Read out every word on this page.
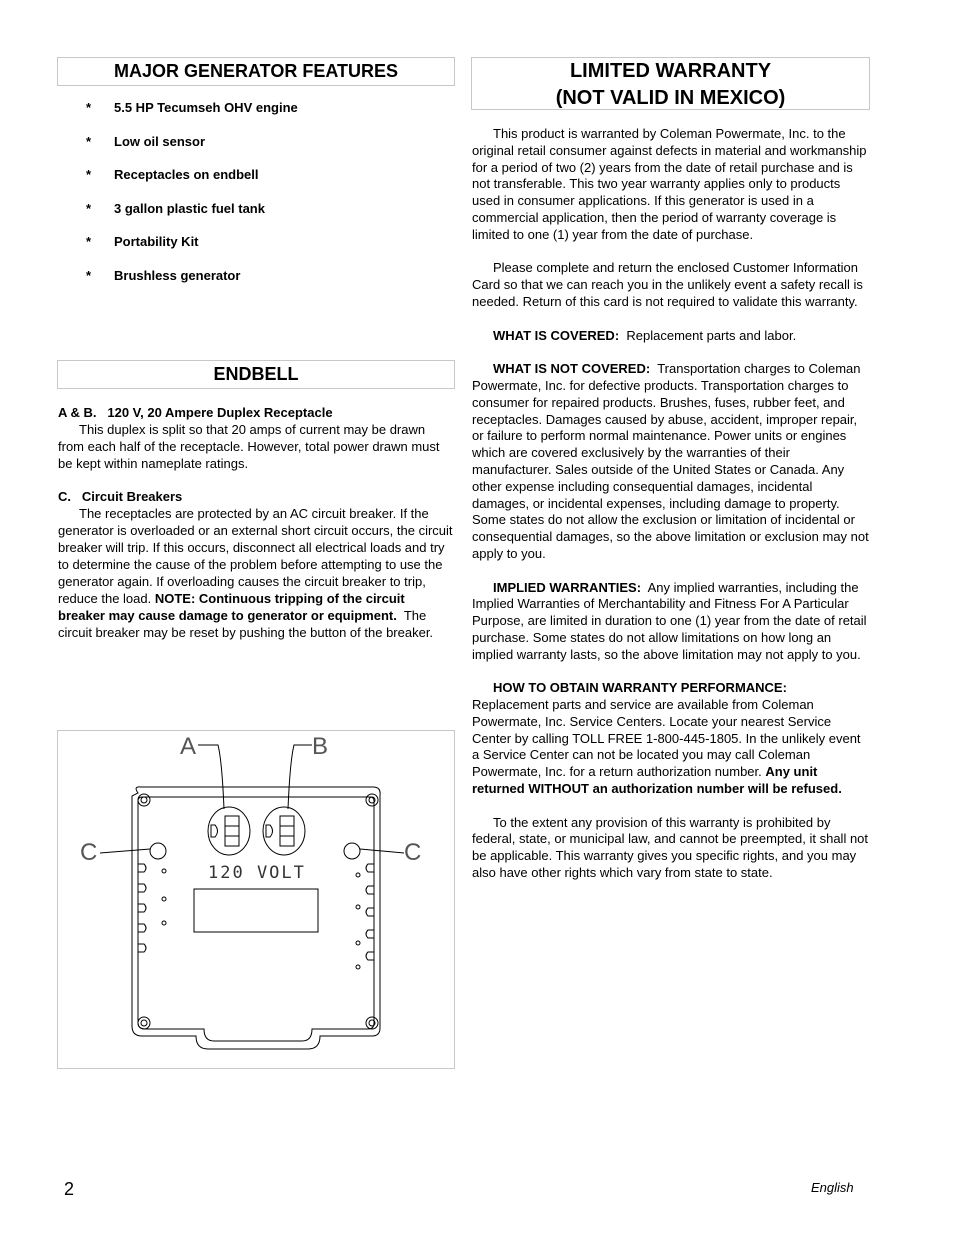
MAJOR GENERATOR FEATURES
* 5.5 HP Tecumseh OHV engine
* Low oil sensor
* Receptacles on endbell
* 3 gallon plastic fuel tank
* Portability Kit
* Brushless generator
ENDBELL

A & B.   120 V, 20 Ampere Duplex Receptacle

This duplex is split so that 20 amps of current may be drawn from each half of the receptacle. However, total power drawn must be kept within nameplate ratings.

C.   Circuit Breakers

The receptacles are protected by an AC circuit breaker. If the generator is overloaded or an external short circuit occurs, the circuit breaker will trip. If this occurs, disconnect all electrical loads and try to determine the cause of the problem before attempting to use the generator again. If overloading causes the circuit breaker to trip, reduce the load. NOTE: Continuous tripping of the circuit breaker may cause damage to generator or equipment. The circuit breaker may be reset by pushing the button of the breaker.

A	B
C	C
120 VOLT
LIMITED WARRANTY
(NOT VALID IN MEXICO)

This product is warranted by Coleman Powermate, Inc. to the original retail consumer against defects in material and workmanship for a period of two (2) years from the date of retail purchase and is not transferable. This two year warranty applies only to products used in consumer applications. If this generator is used in a commercial application, then the period of warranty coverage is limited to one (1) year from the date of purchase.

Please complete and return the enclosed Customer Information Card so that we can reach you in the unlikely event a safety recall is needed. Return of this card is not required to validate this warranty.

WHAT IS COVERED: Replacement parts and labor.

WHAT IS NOT COVERED: Transportation charges to Coleman Powermate, Inc. for defective products. Transportation charges to consumer for repaired products. Brushes, fuses, rubber feet, and receptacles. Damages caused by abuse, accident, improper repair, or failure to perform normal maintenance. Power units or engines which are covered exclusively by the warranties of their manufacturer. Sales outside of the United States or Canada. Any other expense including consequential damages, incidental damages, or incidental expenses, including damage to property. Some states do not allow the exclusion or limitation of incidental or consequential damages, so the above limitation or exclusion may not apply to you.

IMPLIED WARRANTIES: Any implied warranties, including the Implied Warranties of Merchantability and Fitness For A Particular Purpose, are limited in duration to one (1) year from the date of retail purchase. Some states do not allow limitations on how long an implied warranty lasts, so the above limitation may not apply to you.

HOW TO OBTAIN WARRANTY PERFORMANCE:

Replacement parts and service are available from Coleman Powermate, Inc. Service Centers. Locate your nearest Service Center by calling TOLL FREE 1-800-445-1805. In the unlikely event a Service Center can not be located you may call Coleman Powermate, Inc. for a return authorization number. Any unit returned WITHOUT an authorization number will be refused.

To the extent any provision of this warranty is prohibited by federal, state, or municipal law, and cannot be preempted, it shall not be applicable. This warranty gives you specific rights, and you may also have other rights which vary from state to state.

2	English
